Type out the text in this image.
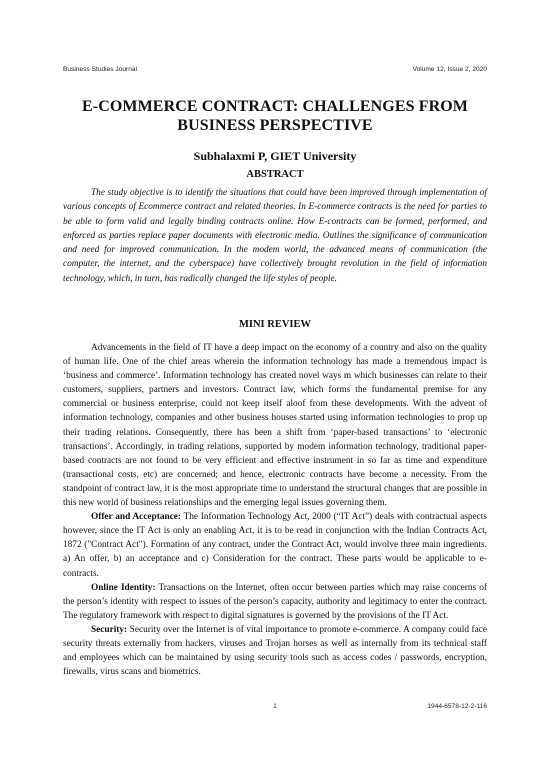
Business Studies Journal	Volume 12, Issue 2, 2020
E-COMMERCE CONTRACT: CHALLENGES FROM BUSINESS PERSPECTIVE
Subhalaxmi P, GIET University
ABSTRACT

The study objective is to identify the situations that could have been improved through implementation of various concepts of Ecommerce contract and related theories. In E-commerce contracts is the need for parties to be able to form valid and legally binding contracts online. How E-contracts can be formed, performed, and enforced as parties replace paper documents with electronic media. Outlines the significance of communication and need for improved communication. In the modem world, the advanced means of communication (the computer, the internet, and the cyberspace) have collectively brought revolution in the field of information technology, which, in turn, has radically changed the life styles of people.

MINI REVIEW

Advancements in the field of IT have a deep impact on the economy of a country and also on the quality of human life. One of the chief areas wherein the information technology has made a tremendous impact is ‘business and commerce’. Information technology has created novel ways m which businesses can relate to their customers, suppliers, partners and investors. Contract law, which forms the fundamental premise for any commercial or business enterprise, could not keep itself aloof from these developments. With the advent of information technology, companies and other business houses started using information technologies to prop up their trading relations. Consequently, there has been a shift from ‘paper-based transactions’ to ‘electronic transactions’. Accordingly, in trading relations, supported by modem information technology, traditional paper-based contracts are not found to be very efficient and effective instrument in so far as time and expenditure (transactional costs, etc) are concerned; and hence, electronic contracts have become a necessity. From the standpoint of contract law, it is the most appropriate time to understand the structural changes that are possible in this new world of business relationships and the emerging legal issues governing them.

Offer and Acceptance: The Information Technology Act, 2000 (“IT Act”) deals with contractual aspects however, since the IT Act is only an enabling Act, it is to be read in conjunction with the Indian Contracts Act, 1872 ("Contract Act"). Formation of any contract, under the Contract Act, would involve three main ingredients. a) An offer, b) an acceptance and c) Consideration for the contract. These parts would be applicable to e-contracts.

Online Identity: Transactions on the Internet, often occur between parties which may raise concerns of the person’s identity with respect to issues of the person’s capacity, authority and legitimacy to enter the contract. The regulatory framework with respect to digital signatures is governed by the provisions of the IT Act.

Security: Security over the Internet is of vital importance to promote e-commerce. A company could face security threats externally from hackers, viruses and Trojan horses as well as internally from its technical staff and employees which can be maintained by using security tools such as access codes / passwords, encryption, firewalls, virus scans and biometrics.

1	1944-6578-12-2-116
